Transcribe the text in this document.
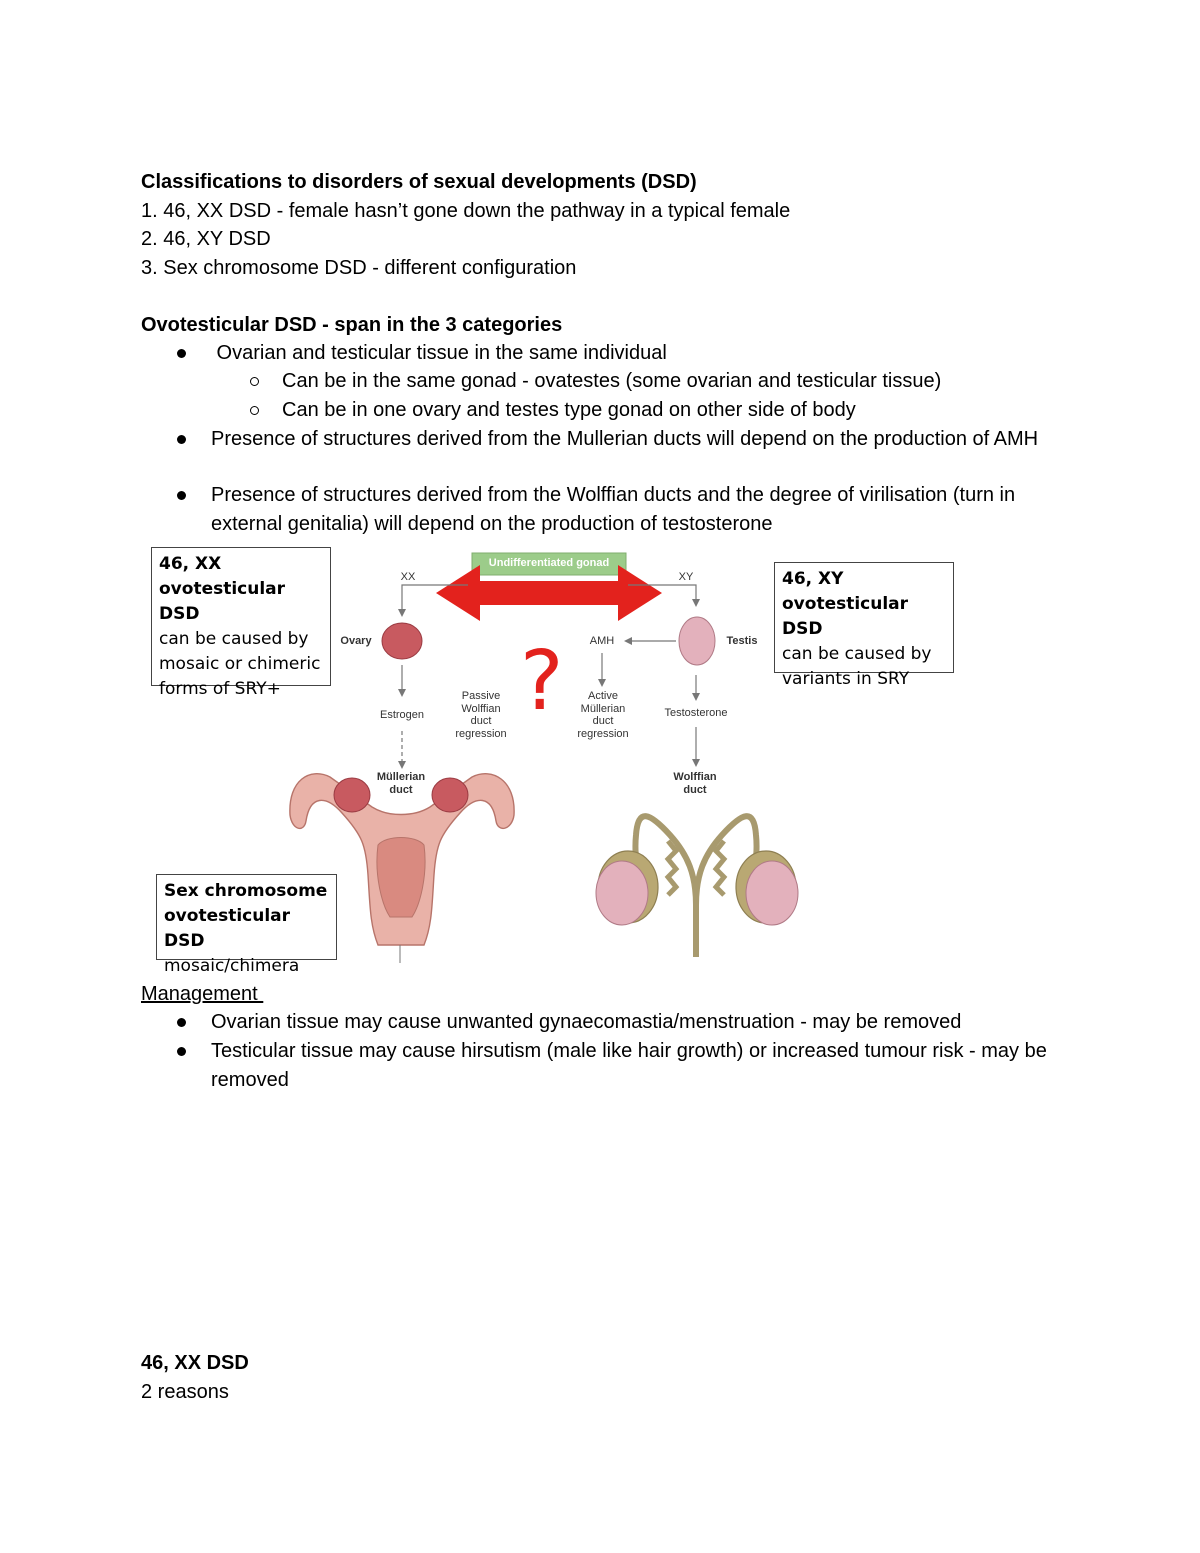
Classifications to disorders of sexual developments (DSD)
1. 46, XX DSD - female hasn’t gone down the pathway in a typical female
2. 46, XY DSD
3. Sex chromosome DSD - different configuration
Ovotesticular DSD - span in the 3 categories
Ovarian and testicular tissue in the same individual
Can be in the same gonad - ovatestes (some ovarian and testicular tissue)
Can be in one ovary and testes type gonad on other side of body
Presence of structures derived from the Mullerian ducts will depend on the production of AMH
Presence of structures derived from the Wolffian ducts and the degree of virilisation (turn in external genitalia) will depend on the production of testosterone
Undifferentiated gonad
XX	XY
Ovary	Testis
AMH
Estrogen	Testosterone
Passive
Wolffian
duct
regression
Active
Müllerian
duct
regression
Müllerian
duct
Wolffian
duct
?
46, XX
ovotesticular DSD
can be caused by
mosaic or chimeric
forms of SRY+
46, XY
ovotesticular DSD
can be caused by
variants in SRY
Sex chromosome
ovotesticular DSD
mosaic/chimera
Management
Ovarian tissue may cause unwanted gynaecomastia/menstruation - may be removed
Testicular tissue may cause hirsutism (male like hair growth) or increased tumour risk - may be removed
46, XX DSD
2 reasons
